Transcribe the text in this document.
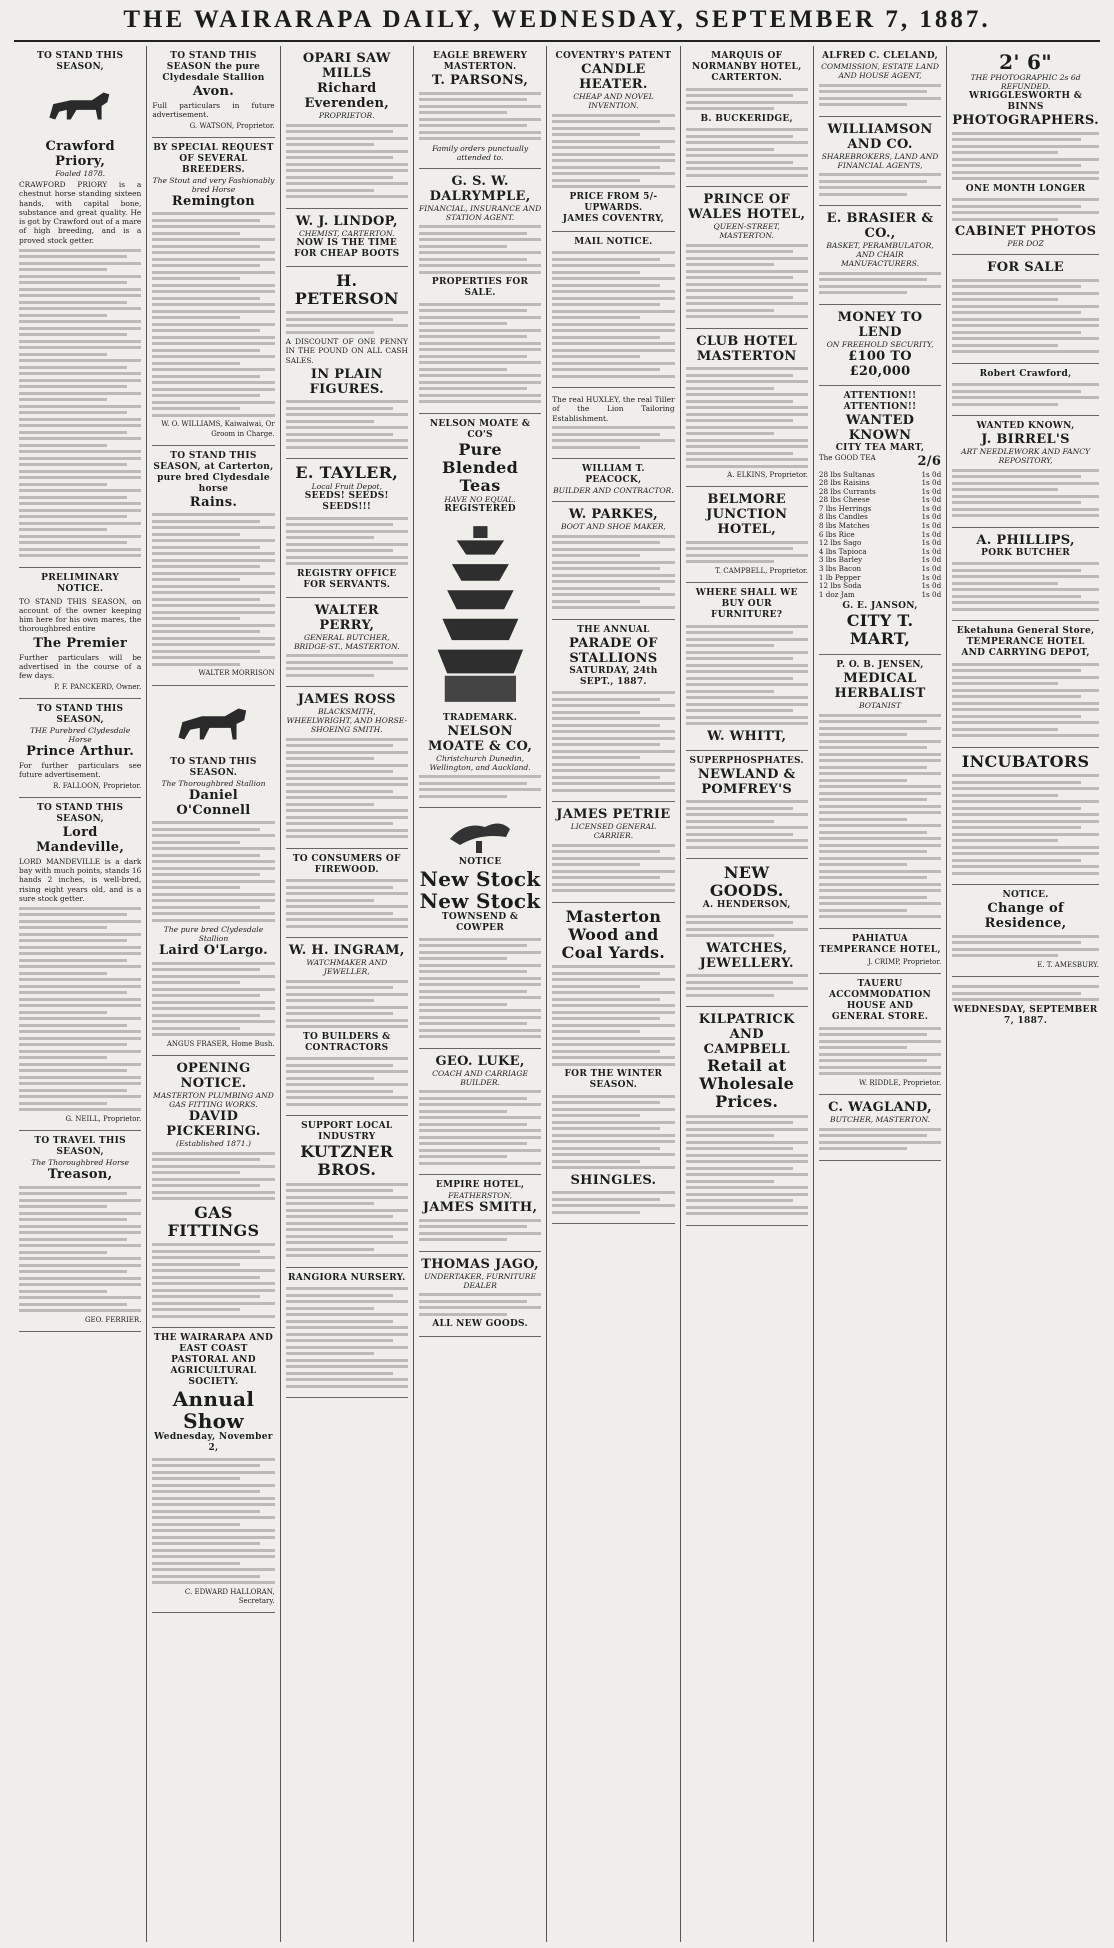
THE WAIRARAPA DAILY, WEDNESDAY, SEPTEMBER 7, 1887.
TO STAND THIS SEASON,
Crawford Priory,
Foaled 1878.
CRAWFORD PRIORY is a chestnut horse standing sixteen hands, with capital bone, substance and great quality. He is got by Crawford out of a mare of high breeding, and is a proved stock getter.
PRELIMINARY NOTICE.
TO STAND THIS SEASON, on account of the owner keeping him here for his own mares, the thoroughbred entire
The Premier
Further particulars will be advertised in the course of a few days.
P. F. PANCKERD, Owner.
TO STAND THIS SEASON,
THE Purebred Clydesdale Horse
Prince Arthur.
For further particulars see future advertisement.
R. FALLOON, Proprietor.
TO STAND THIS SEASON,
Lord Mandeville,
LORD MANDEVILLE is a dark bay with much points, stands 16 hands 2 inches, is well-bred, rising eight years old, and is a sure stock getter.
G. NEILL, Proprietor.
TO TRAVEL THIS SEASON,
The Thoroughbred Horse
Treason,
GEO. FERRIER.
TO STAND THIS SEASON the pure Clydesdale Stallion
Avon.
Full particulars in future advertisement.
G. WATSON, Proprietor.
BY SPECIAL REQUEST OF SEVERAL BREEDERS.
The Stout and very Fashionably bred Horse
Remington
W. O. WILLIAMS, Kaiwaiwai, Or Groom in Charge.
TO STAND THIS SEASON, at Carterton, pure bred Clydesdale horse
Rains.
WALTER MORRISON
TO STAND THIS SEASON.
The Thoroughbred Stallion
Daniel O'Connell
The pure bred Clydesdale Stallion
Laird O'Largo.
ANGUS FRASER, Home Bush.
OPENING NOTICE.
MASTERTON PLUMBING AND GAS FITTING WORKS.
DAVID PICKERING.
(Established 1871.)
GAS FITTINGS
THE WAIRARAPA AND EAST COAST PASTORAL AND AGRICULTURAL SOCIETY.
Annual Show
Wednesday, November 2,
C. EDWARD HALLORAN, Secretary.
OPARI SAW MILLS
Richard Everenden,
PROPRIETOR.
W. J. LINDOP,
CHEMIST, CARTERTON.
NOW IS THE TIME FOR CHEAP BOOTS
H. PETERSON
A DISCOUNT OF ONE PENNY IN THE POUND ON ALL CASH SALES.
IN PLAIN FIGURES.
E. TAYLER,
Local Fruit Depot,
SEEDS! SEEDS! SEEDS!!!
REGISTRY OFFICE FOR SERVANTS.
WALTER PERRY,
GENERAL BUTCHER, BRIDGE-ST., MASTERTON.
JAMES ROSS
BLACKSMITH, WHEELWRIGHT, AND HORSE-SHOEING SMITH.
TO CONSUMERS OF FIREWOOD.
W. H. INGRAM,
WATCHMAKER AND JEWELLER,
TO BUILDERS & CONTRACTORS
SUPPORT LOCAL INDUSTRY
KUTZNER BROS.
RANGIORA NURSERY.
EAGLE BREWERY MASTERTON.
T. PARSONS,
Family orders punctually attended to.
G. S. W. DALRYMPLE,
FINANCIAL, INSURANCE AND STATION AGENT.
PROPERTIES FOR SALE.
NELSON MOATE & CO'S
Pure Blended Teas
HAVE NO EQUAL.
REGISTERED
TRADEMARK.
NELSON MOATE & CO,
Christchurch Dunedin, Wellington, and Auckland.
NOTICE
New Stock
New Stock
TOWNSEND & COWPER
GEO. LUKE,
COACH AND CARRIAGE BUILDER.
EMPIRE HOTEL,
FEATHERSTON,
JAMES SMITH,
THOMAS JAGO,
UNDERTAKER, FURNITURE DEALER
ALL NEW GOODS.
COVENTRY'S PATENT
CANDLE HEATER.
CHEAP AND NOVEL INVENTION.
PRICE FROM 5/- UPWARDS.
JAMES COVENTRY,
MAIL NOTICE.
The real HUXLEY, the real Tiller of the Lion Tailoring Establishment.
WILLIAM T. PEACOCK,
BUILDER AND CONTRACTOR.
W. PARKES,
BOOT AND SHOE MAKER,
THE ANNUAL
PARADE OF STALLIONS
SATURDAY, 24th SEPT., 1887.
JAMES PETRIE
LICENSED GENERAL CARRIER.
Masterton Wood and Coal Yards.
FOR THE WINTER SEASON.
SHINGLES.
MARQUIS OF NORMANBY HOTEL, CARTERTON.
B. BUCKERIDGE,
PRINCE OF WALES HOTEL,
QUEEN-STREET, MASTERTON.
CLUB HOTEL MASTERTON
A. ELKINS, Proprietor.
BELMORE JUNCTION HOTEL,
T. CAMPBELL, Proprietor.
WHERE SHALL WE BUY OUR FURNITURE?
W. WHITT,
SUPERPHOSPHATES.
NEWLAND & POMFREY'S
NEW GOODS.
A. HENDERSON,
WATCHES,
JEWELLERY.
KILPATRICK AND CAMPBELL
Retail at Wholesale Prices.
ALFRED C. CLELAND,
COMMISSION, ESTATE LAND AND HOUSE AGENT,
WILLIAMSON AND CO.
SHAREBROKERS, LAND AND FINANCIAL AGENTS,
E. BRASIER & CO.,
BASKET, PERAMBULATOR, AND CHAIR MANUFACTURERS.
MONEY TO LEND
ON FREEHOLD SECURITY,
£100 TO £20,000
ATTENTION!! ATTENTION!!
WANTED KNOWN
CITY TEA MART,
The GOOD TEA	2/6
28 lbs Sultanas	1s 0d
28 lbs Raisins	1s 0d
28 lbs Currants	1s 0d
28 lbs Cheese	1s 0d
7 lbs Herrings	1s 0d
8 lbs Candles	1s 0d
8 lbs Matches	1s 0d
6 lbs Rice	1s 0d
12 lbs Sago	1s 0d
4 lbs Tapioca	1s 0d
3 lbs Barley	1s 0d
3 lbs Bacon	1s 0d
1 lb Pepper	1s 0d
12 lbs Soda	1s 0d
1 doz Jam	1s 0d
G. E. JANSON,
CITY T. MART,
P. O. B. JENSEN,
MEDICAL HERBALIST
BOTANIST
PAHIATUA TEMPERANCE HOTEL,
J. CRIMP, Proprietor.
TAUERU ACCOMMODATION HOUSE AND GENERAL STORE.
W. RIDDLE, Proprietor.
C. WAGLAND,
BUTCHER, MASTERTON.
2' 6"
THE PHOTOGRAPHIC 2s 6d REFUNDED.
WRIGGLESWORTH & BINNS
PHOTOGRAPHERS.
ONE MONTH LONGER
CABINET PHOTOS
PER DOZ
FOR SALE
Robert Crawford,
WANTED KNOWN,
J. BIRREL'S
ART NEEDLEWORK AND FANCY REPOSITORY,
A. PHILLIPS,
PORK BUTCHER
Eketahuna General Store,
TEMPERANCE HOTEL
AND CARRYING DEPOT,
INCUBATORS
NOTICE.
Change of Residence,
E. T. AMESBURY.
WEDNESDAY, SEPTEMBER 7, 1887.
